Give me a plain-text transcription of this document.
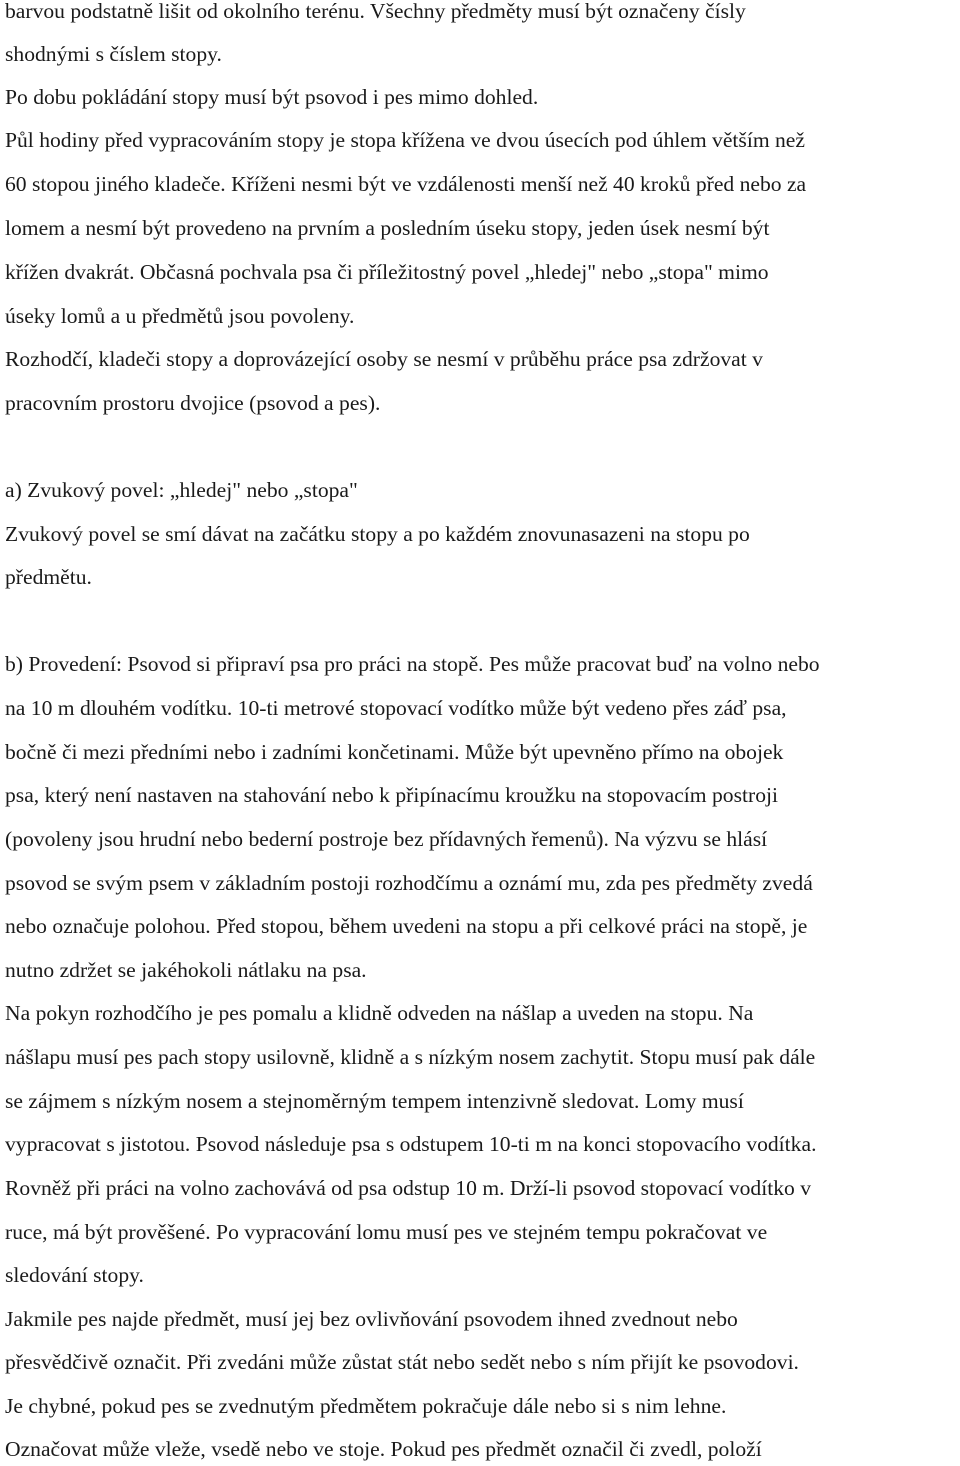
barvou podstatně lišit od okolního terénu. Všechny předměty musí být označeny čísly

shodnými s číslem stopy.

Po dobu pokládání stopy musí být psovod i pes mimo dohled.

Půl hodiny před vypracováním stopy je stopa křížena ve dvou úsecích pod úhlem větším než

60 stopou jiného kladeče. Kříženi nesmi být ve vzdálenosti menší než 40 kroků před nebo za

lomem a nesmí být provedeno na prvním a posledním úseku stopy, jeden úsek nesmí být

křížen dvakrát. Občasná pochvala psa či příležitostný povel „hledej" nebo „stopa" mimo

úseky lomů a u předmětů jsou povoleny.

Rozhodčí, kladeči stopy a doprovázející osoby se nesmí v průběhu práce psa zdržovat v

pracovním prostoru dvojice (psovod a pes).

a) Zvukový povel: „hledej" nebo „stopa"

Zvukový povel se smí dávat na začátku stopy a po každém znovunasazeni na stopu po

předmětu.

b) Provedení: Psovod si připraví psa pro práci na stopě. Pes může pracovat buď na volno nebo

na 10 m dlouhém vodítku. 10-ti metrové stopovací vodítko může být vedeno přes záď psa,

bočně či mezi předními nebo i zadními končetinami. Může být upevněno přímo na obojek

psa, který není nastaven na stahování nebo k připínacímu kroužku na stopovacím postroji

(povoleny jsou hrudní nebo bederní postroje bez přídavných řemenů). Na výzvu se hlásí

psovod se svým psem v základním postoji rozhodčímu a oznámí mu, zda pes předměty zvedá

nebo označuje polohou. Před stopou, během uvedeni na stopu a při celkové práci na stopě, je

nutno zdržet se jakéhokoli nátlaku na psa.

Na pokyn rozhodčího je pes pomalu a klidně odveden na nášlap a uveden na stopu. Na

nášlapu musí pes pach stopy usilovně, klidně a s nízkým nosem zachytit. Stopu musí pak dále

se zájmem s nízkým nosem a stejnoměrným tempem intenzivně sledovat. Lomy musí

vypracovat s jistotou. Psovod následuje psa s odstupem 10-ti m na konci stopovacího vodítka.

Rovněž při práci na volno zachovává od psa odstup 10 m. Drží-li psovod stopovací vodítko v

ruce, má být prověšené. Po vypracování lomu musí pes ve stejném tempu pokračovat ve

sledování stopy.

Jakmile pes najde předmět, musí jej bez ovlivňování psovodem ihned zvednout nebo

přesvědčivě označit. Při zvedáni může zůstat stát nebo sedět nebo s ním přijít ke psovodovi.

Je chybné, pokud pes se zvednutým předmětem pokračuje dále nebo si s nim lehne.

Označovat může vleže, vsedě nebo ve stoje. Pokud pes předmět označil či zvedl, položí
